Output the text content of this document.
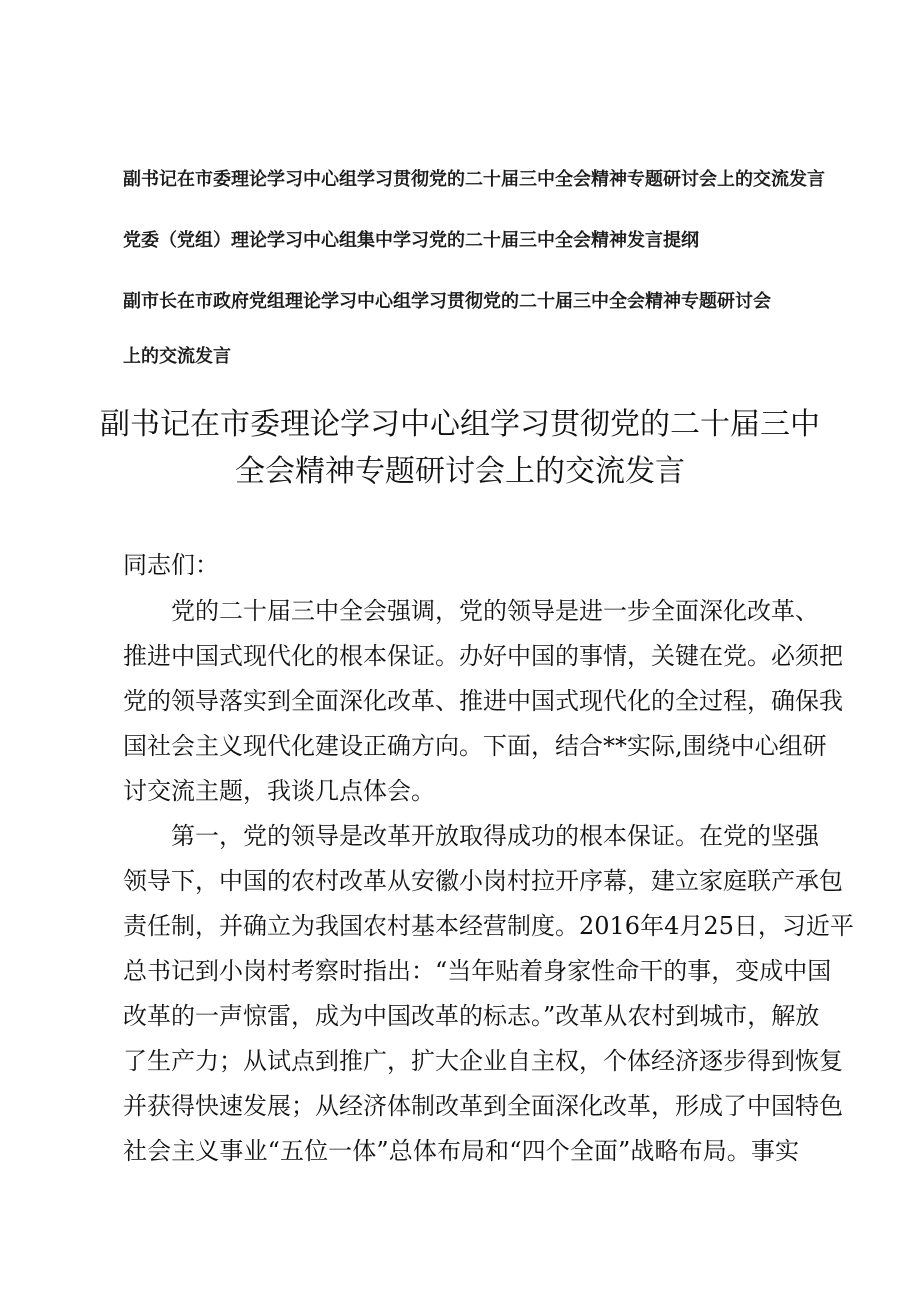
副书记在市委理论学习中心组学习贯彻党的二十届三中全会精神专题研讨会上的交流发言
党委（党组）理论学习中心组集中学习党的二十届三中全会精神发言提纲
副市长在市政府党组理论学习中心组学习贯彻党的二十届三中全会精神专题研讨会
上的交流发言
副书记在市委理论学习中心组学习贯彻党的二十届三中
全会精神专题研讨会上的交流发言
同志们：
　　党的二十届三中全会强调，党的领导是进一步全面深化改革、
推进中国式现代化的根本保证。办好中国的事情，关键在党。必须把
党的领导落实到全面深化改革、推进中国式现代化的全过程，确保我
国社会主义现代化建设正确方向。下面，结合**实际,围绕中心组研
讨交流主题，我谈几点体会。
　　第一，党的领导是改革开放取得成功的根本保证。在党的坚强
领导下，中国的农村改革从安徽小岗村拉开序幕，建立家庭联产承包
责任制，并确立为我国农村基本经营制度。2016年4月25日，习近平
总书记到小岗村考察时指出：“当年贴着身家性命干的事，变成中国
改革的一声惊雷，成为中国改革的标志。”改革从农村到城市，解放
了生产力；从试点到推广，扩大企业自主权，个体经济逐步得到恢复
并获得快速发展；从经济体制改革到全面深化改革，形成了中国特色
社会主义事业“五位一体”总体布局和“四个全面”战略布局。事实
